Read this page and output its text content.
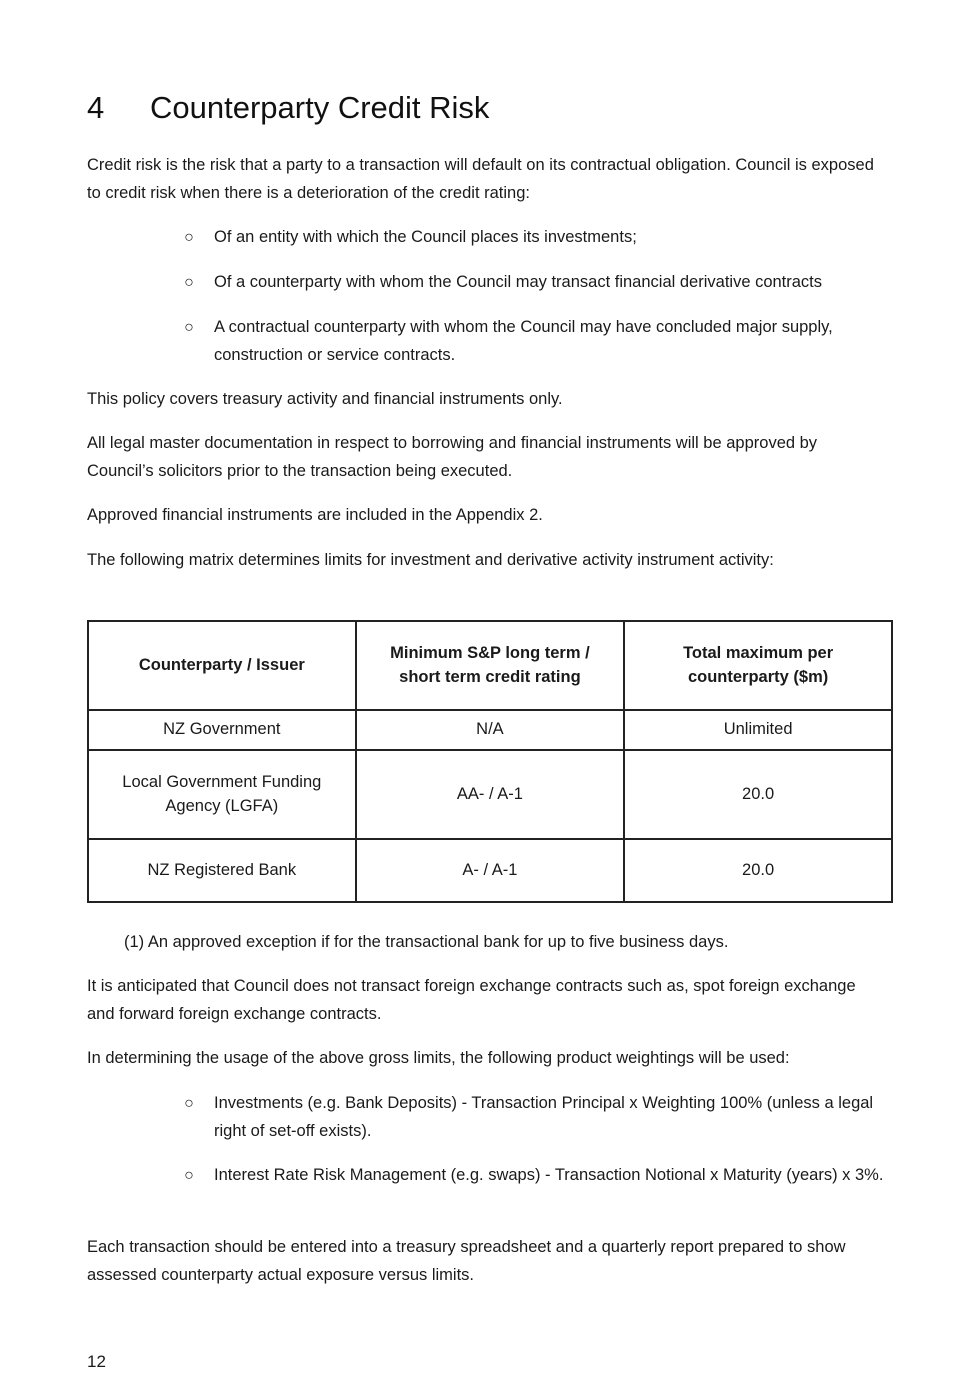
4 Counterparty Credit Risk

Credit risk is the risk that a party to a transaction will default on its contractual obligation. Council is exposed to credit risk when there is a deterioration of the credit rating:

○ Of an entity with which the Council places its investments;
○ Of a counterparty with whom the Council may transact financial derivative contracts
○ A contractual counterparty with whom the Council may have concluded major supply, construction or service contracts.

This policy covers treasury activity and financial instruments only.

All legal master documentation in respect to borrowing and financial instruments will be approved by Council’s solicitors prior to the transaction being executed.

Approved financial instruments are included in the Appendix 2.

The following matrix determines limits for investment and derivative activity instrument activity:

Counterparty / Issuer	Minimum S&P long term / short term credit rating	Total maximum per counterparty ($m)
NZ Government	N/A	Unlimited
Local Government Funding Agency (LGFA)	AA- / A-1	20.0
NZ Registered Bank	A- / A-1	20.0

(1) An approved exception if for the transactional bank for up to five business days.

It is anticipated that Council does not transact foreign exchange contracts such as, spot foreign exchange and forward foreign exchange contracts.

In determining the usage of the above gross limits, the following product weightings will be used:

○ Investments (e.g. Bank Deposits) - Transaction Principal x Weighting 100% (unless a legal right of set-off exists).
○ Interest Rate Risk Management (e.g. swaps) - Transaction Notional x Maturity (years) x 3%.

Each transaction should be entered into a treasury spreadsheet and a quarterly report prepared to show assessed counterparty actual exposure versus limits.

12
